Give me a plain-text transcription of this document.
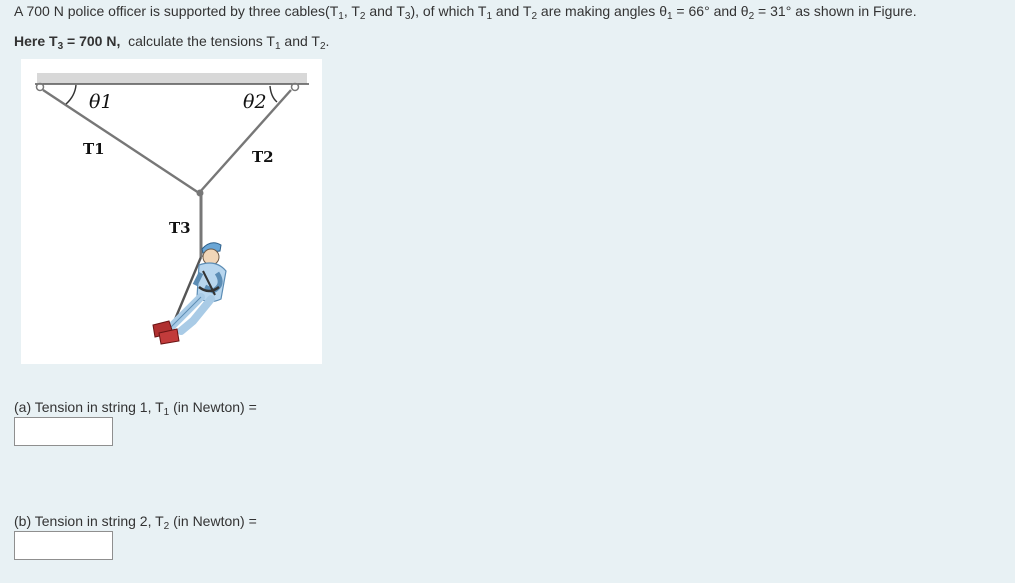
A 700 N police officer is supported by three $cables(T_1$, $T_2$ and $T_3$), of which $T_1$ and $T_2$ are making angles $\theta_1 = 66^\circ$ and $\theta_2 = 31^\circ$ as shown in Figure.
Here $T_3 = 700$ N,  calculate the tensions $T_1$ and $T_2$.
θ1	θ2
T1	T2
T3
(a) Tension in string 1, $T_1$ (in Newton) =
(b) Tension in string 2, $T_2$ (in Newton) =
